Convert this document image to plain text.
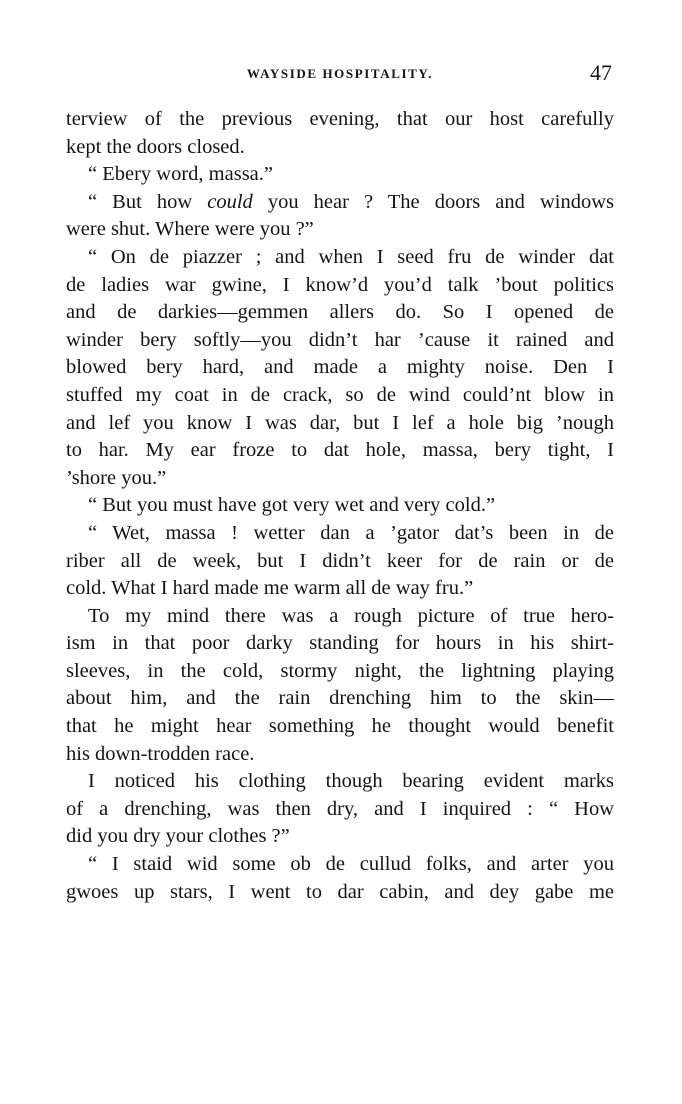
WAYSIDE HOSPITALITY.	47
terview of the previous evening, that our host carefully
kept the doors closed.
“ Ebery word, massa.”
“ But how could you hear ? The doors and windows
were shut. Where were you ?”
“ On de piazzer ; and when I seed fru de winder dat
de ladies war gwine, I know’d you’d talk ’bout politics
and de darkies—gemmen allers do. So I opened de
winder bery softly—you didn’t har ’cause it rained and
blowed bery hard, and made a mighty noise. Den I
stuffed my coat in de crack, so de wind could’nt blow in
and lef you know I was dar, but I lef a hole big ’nough
to har. My ear froze to dat hole, massa, bery tight, I
’shore you.”
“ But you must have got very wet and very cold.”
“ Wet, massa ! wetter dan a ’gator dat’s been in de
riber all de week, but I didn’t keer for de rain or de
cold. What I hard made me warm all de way fru.”
To my mind there was a rough picture of true hero-
ism in that poor darky standing for hours in his shirt-
sleeves, in the cold, stormy night, the lightning playing
about him, and the rain drenching him to the skin—
that he might hear something he thought would benefit
his down-trodden race.
I noticed his clothing though bearing evident marks
of a drenching, was then dry, and I inquired : “ How
did you dry your clothes ?”
“ I staid wid some ob de cullud folks, and arter you
gwoes up stars, I went to dar cabin, and dey gabe me
